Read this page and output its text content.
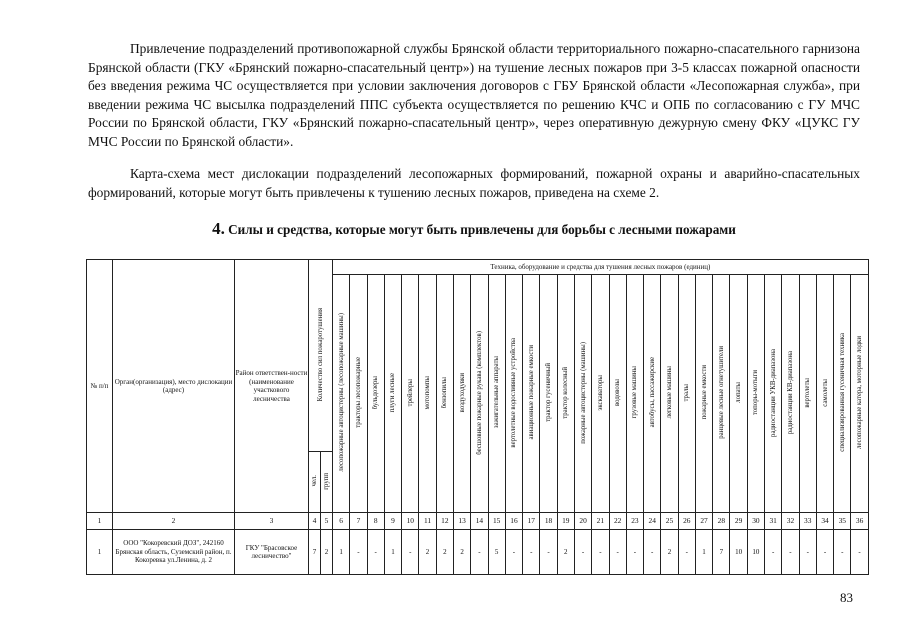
Привлечение подразделений противопожарной службы Брянской области территориального пожарно-спасательного гарнизона Брянской области (ГКУ «Брянский пожарно-спасательный центр») на тушение лесных пожаров при 3-5 классах пожарной опасности без введения режима ЧС осуществляется при условии заключения договоров с ГБУ Брянской области «Лесопожарная служба», при введении режима ЧС высылка подразделений ППС субъекта осуществляется по решению КЧС и ОПБ по согласованию с ГУ МЧС России по Брянской области, ГКУ «Брянский пожарно-спасательный центр», через оперативную дежурную смену ФКУ «ЦУКС ГУ МЧС России по Брянской области».

Карта-схема мест дислокации подразделений лесопожарных формирований, пожарной охраны и аварийно-спасательных формирований, которые могут быть привлечены к тушению лесных пожаров, приведена на схеме 2.

4. Силы и средства, которые могут быть привлечены для борьбы с лесными пожарами
№ п/п	Орган(организация), место дислокации (адрес)	Район ответствен-ности (наименование участкового лесничества	Количество сил пожаротушения		Техника, оборудование и средства для тушения лесных пожаров (единиц)																														
					лесопожарные автоцистерны (лесопожарные машины)	тракторы лесопожарные	бульдозеры	плуги лесные	трейлеры	мотопомпы	бензопилы	воздуходувки	бесшовные пожарные рукава (комплектов)	зажигательные аппараты	вертолетные водосливные устройства	авиационные пожарные емкости	трактор гусеничный	трактор колесный	пожарные автоцистерны (машины)	экскаваторы	водовозы	грузовые машины	автобусы, пассажирские	легковые машины	тралы	пожарные емкости	ранцевые лесные огнетушители	лопаты	топоры-мотыги	радиостанции УКВ-диапазона	радиостанции КВ-диапазона	вертолеты	самолеты	специализированная гусеничная техника	лесопожарные катера, моторные лодки
			чел.	групп																															
1	2	3	4	5	6	7	8	9	10	11	12	13	14	15	16	17	18	19	20	21	22	23	24	25	26	27	28	29	30	31	32	33	34	35	36
1	ООО "Кокоревский ДОЗ", 242160 Брянская область, Суземский район, п. Кокоревка ул.Ленина, д. 2	ГКУ "Брасовское лесничество"	7	2	1	-	-	1	-	2	2	2	-	5	-	-	-	2	-	-	-	-	-	2	-	1	7	10	10	-	-	-	-	-	-
83
